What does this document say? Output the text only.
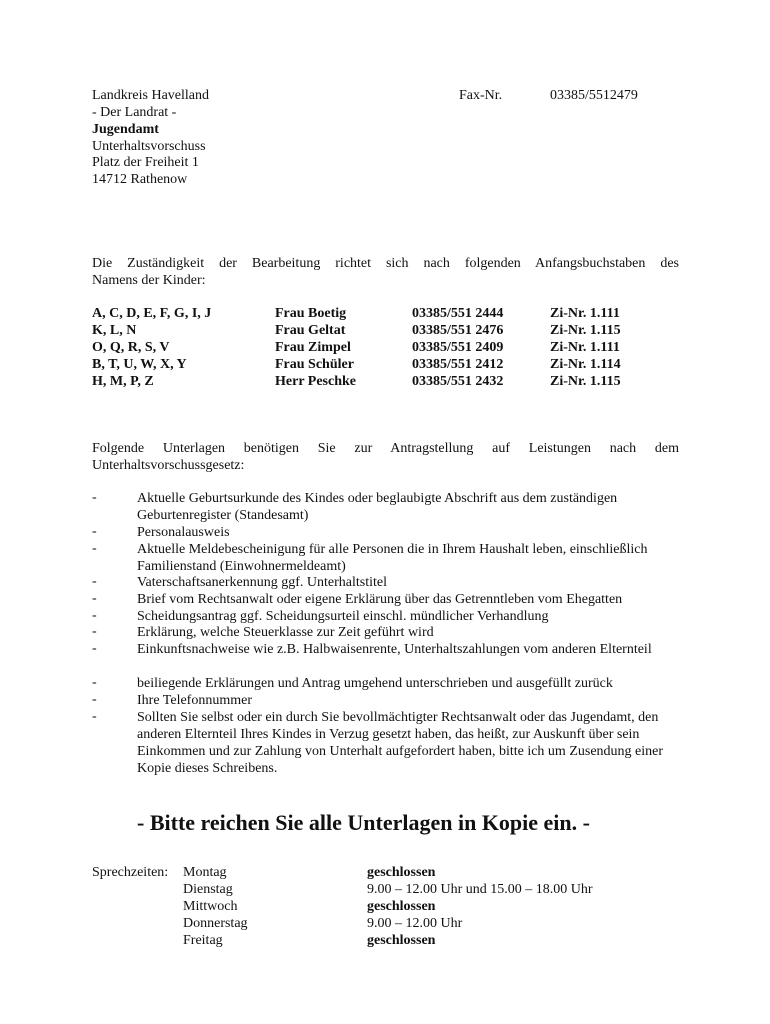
Landkreis Havelland
- Der Landrat -
Jugendamt
Unterhaltsvorschuss
Platz der Freiheit 1
14712 Rathenow
Fax-Nr.	03385/5512479
Die Zuständigkeit der Bearbeitung richtet sich nach folgenden Anfangsbuchstaben des
Namens der Kinder:
A, C, D, E, F, G, I, J	Frau Boetig	03385/551 2444	Zi-Nr. 1.111
K, L, N	Frau Geltat	03385/551 2476	Zi-Nr. 1.115
O, Q, R, S, V	Frau Zimpel	03385/551 2409	Zi-Nr. 1.111
B, T, U, W, X, Y	Frau Schüler	03385/551 2412	Zi-Nr. 1.114
H, M, P, Z	Herr Peschke	03385/551 2432	Zi-Nr. 1.115
Folgende Unterlagen benötigen Sie zur Antragstellung auf Leistungen nach dem
Unterhaltsvorschussgesetz:
-	Aktuelle Geburtsurkunde des Kindes oder beglaubigte Abschrift aus dem zuständigen Geburtenregister (Standesamt)
-	Personalausweis
-	Aktuelle Meldebescheinigung für alle Personen die in Ihrem Haushalt leben, einschließlich Familienstand (Einwohnermeldeamt)
-	Vaterschaftsanerkennung ggf. Unterhaltstitel
-	Brief vom Rechtsanwalt oder eigene Erklärung über das Getrenntleben vom Ehegatten
-	Scheidungsantrag ggf. Scheidungsurteil einschl. mündlicher Verhandlung
-	Erklärung, welche Steuerklasse zur Zeit geführt wird
-	Einkunftsnachweise wie z.B. Halbwaisenrente, Unterhaltszahlungen vom anderen Elternteil
-	beiliegende Erklärungen und Antrag umgehend unterschrieben und ausgefüllt zurück
-	Ihre Telefonnummer
-	Sollten Sie selbst oder ein durch Sie bevollmächtigter Rechtsanwalt oder das Jugendamt, den anderen Elternteil Ihres Kindes in Verzug gesetzt haben, das heißt, zur Auskunft über sein Einkommen und zur Zahlung von Unterhalt aufgefordert haben, bitte ich um Zusendung einer Kopie dieses Schreibens.
- Bitte reichen Sie alle Unterlagen in Kopie ein. -
Sprechzeiten: Montag	geschlossen
Dienstag	9.00 – 12.00 Uhr und 15.00 – 18.00 Uhr
Mittwoch	geschlossen
Donnerstag	9.00 – 12.00 Uhr
Freitag	geschlossen
